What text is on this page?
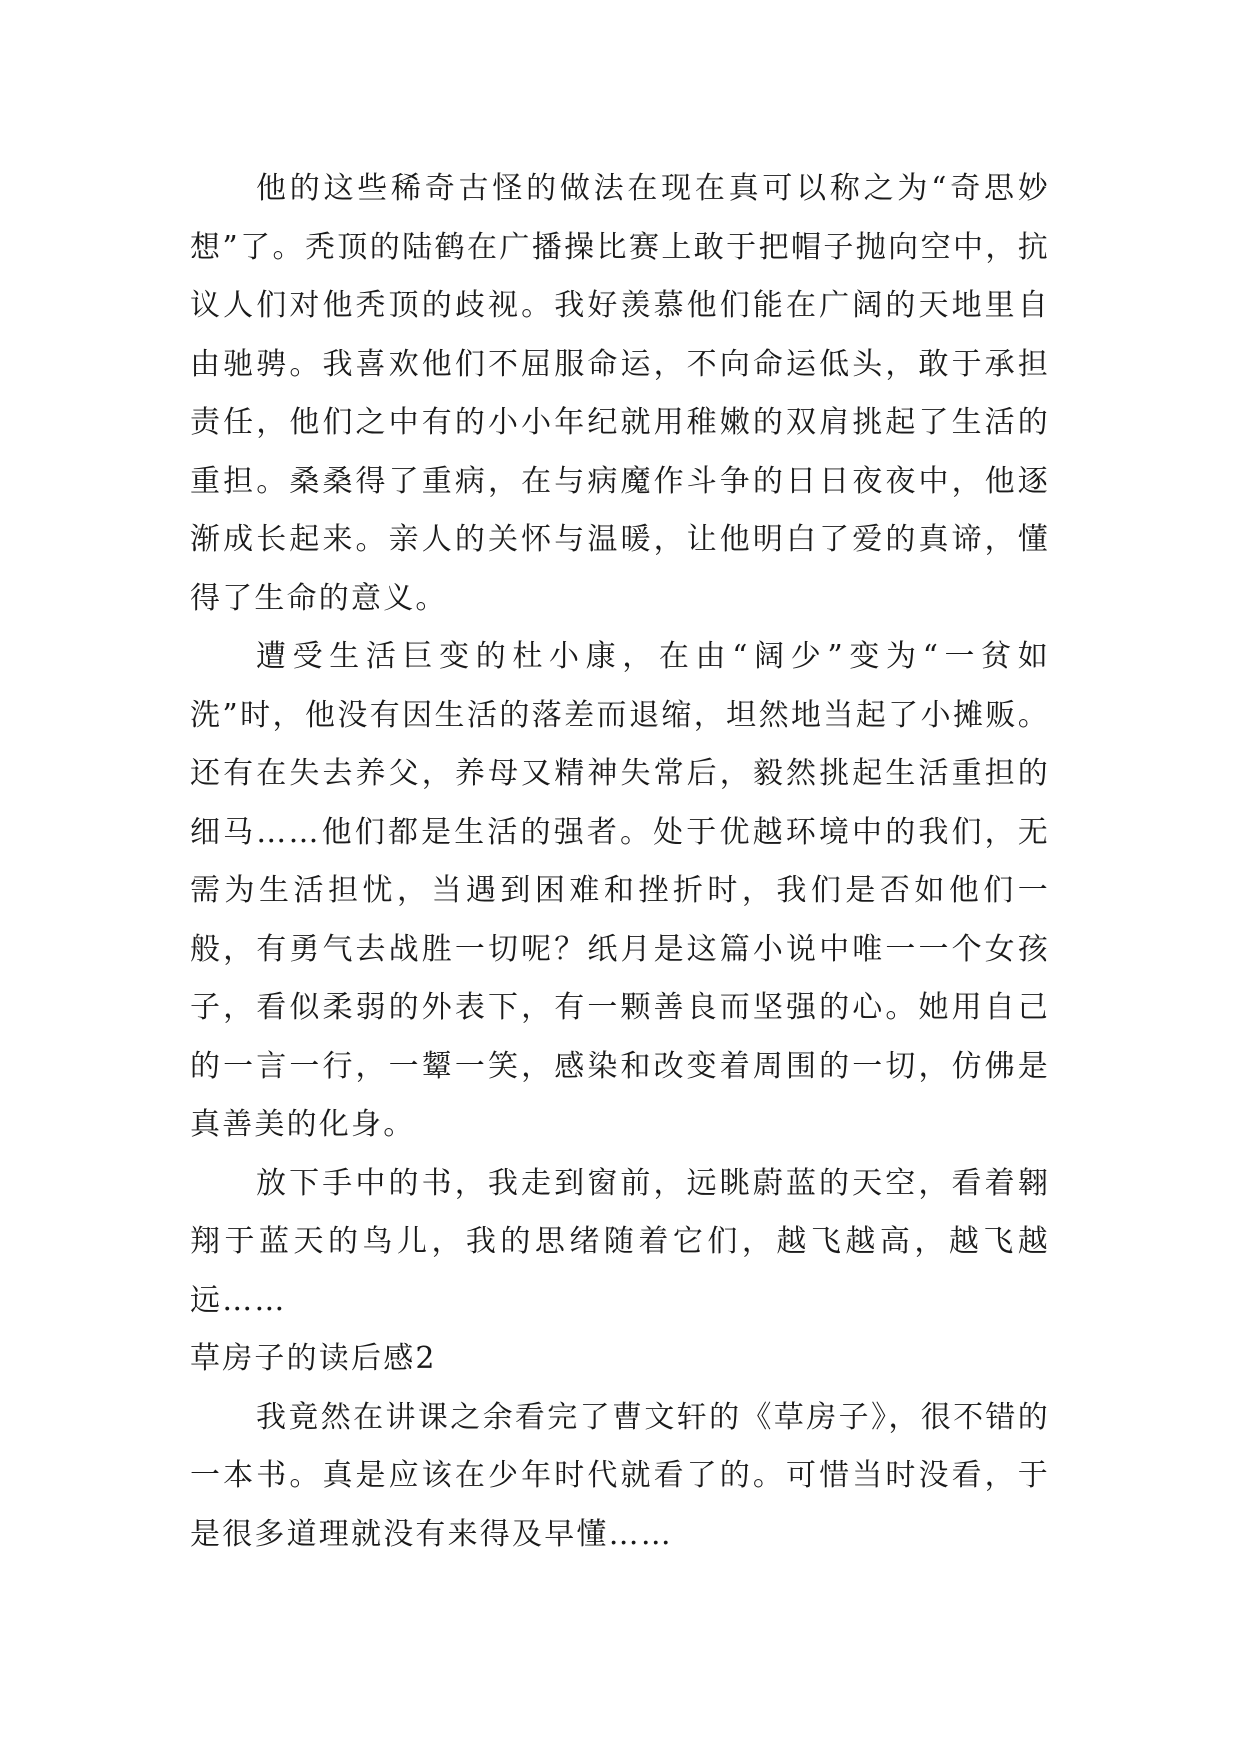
他的这些稀奇古怪的做法在现在真可以称之为“奇思妙想”了。秃顶的陆鹤在广播操比赛上敢于把帽子抛向空中，抗议人们对他秃顶的歧视。我好羡慕他们能在广阔的天地里自由驰骋。我喜欢他们不屈服命运，不向命运低头，敢于承担责任，他们之中有的小小年纪就用稚嫩的双肩挑起了生活的重担。桑桑得了重病，在与病魔作斗争的日日夜夜中，他逐渐成长起来。亲人的关怀与温暖，让他明白了爱的真谛，懂得了生命的意义。

遭受生活巨变的杜小康，在由“阔少”变为“一贫如洗”时，他没有因生活的落差而退缩，坦然地当起了小摊贩。还有在失去养父，养母又精神失常后，毅然挑起生活重担的细马……他们都是生活的强者。处于优越环境中的我们，无需为生活担忧，当遇到困难和挫折时，我们是否如他们一般，有勇气去战胜一切呢？纸月是这篇小说中唯一一个女孩子，看似柔弱的外表下，有一颗善良而坚强的心。她用自己的一言一行，一颦一笑，感染和改变着周围的一切，仿佛是真善美的化身。

放下手中的书，我走到窗前，远眺蔚蓝的天空，看着翱翔于蓝天的鸟儿，我的思绪随着它们，越飞越高，越飞越远……

草房子的读后感2

我竟然在讲课之余看完了曹文轩的《草房子》，很不错的一本书。真是应该在少年时代就看了的。可惜当时没看，于是很多道理就没有来得及早懂……
